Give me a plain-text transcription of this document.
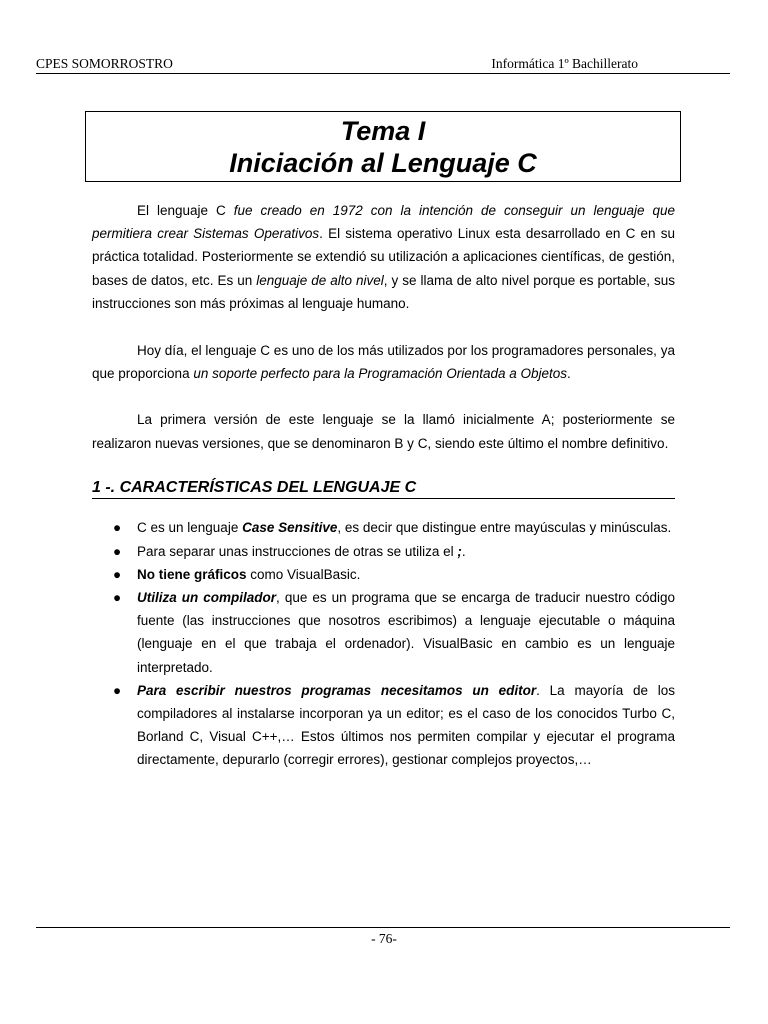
CPES SOMORROSTRO	Informática 1º Bachillerato
Tema I
Iniciación al Lenguaje C

El lenguaje C fue creado en 1972 con la intención de conseguir un lenguaje que permitiera crear Sistemas Operativos. El sistema operativo Linux esta desarrollado en C en su práctica totalidad. Posteriormente se extendió su utilización a aplicaciones científicas, de gestión, bases de datos, etc. Es un lenguaje de alto nivel, y se llama de alto nivel porque es portable, sus instrucciones son más próximas al lenguaje humano.

Hoy día, el lenguaje C es uno de los más utilizados por los programadores personales, ya que proporciona un soporte perfecto para la Programación Orientada a Objetos.

La primera versión de este lenguaje se la llamó inicialmente A; posteriormente se realizaron nuevas versiones, que se denominaron B y C, siendo este último el nombre definitivo.

1 -. CARACTERÍSTICAS DEL LENGUAJE C
● C es un lenguaje Case Sensitive, es decir que distingue entre mayúsculas y minúsculas.
● Para separar unas instrucciones de otras se utiliza el ;.
● No tiene gráficos como VisualBasic.
● Utiliza un compilador, que es un programa que se encarga de traducir nuestro código fuente (las instrucciones que nosotros escribimos) a lenguaje ejecutable o máquina (lenguaje en el que trabaja el ordenador). VisualBasic en cambio es un lenguaje interpretado.
● Para escribir nuestros programas necesitamos un editor. La mayoría de los compiladores al instalarse incorporan ya un editor; es el caso de los conocidos Turbo C, Borland C, Visual C++,… Estos últimos nos permiten compilar y ejecutar el programa directamente, depurarlo (corregir errores), gestionar complejos proyectos,…
- 76-
